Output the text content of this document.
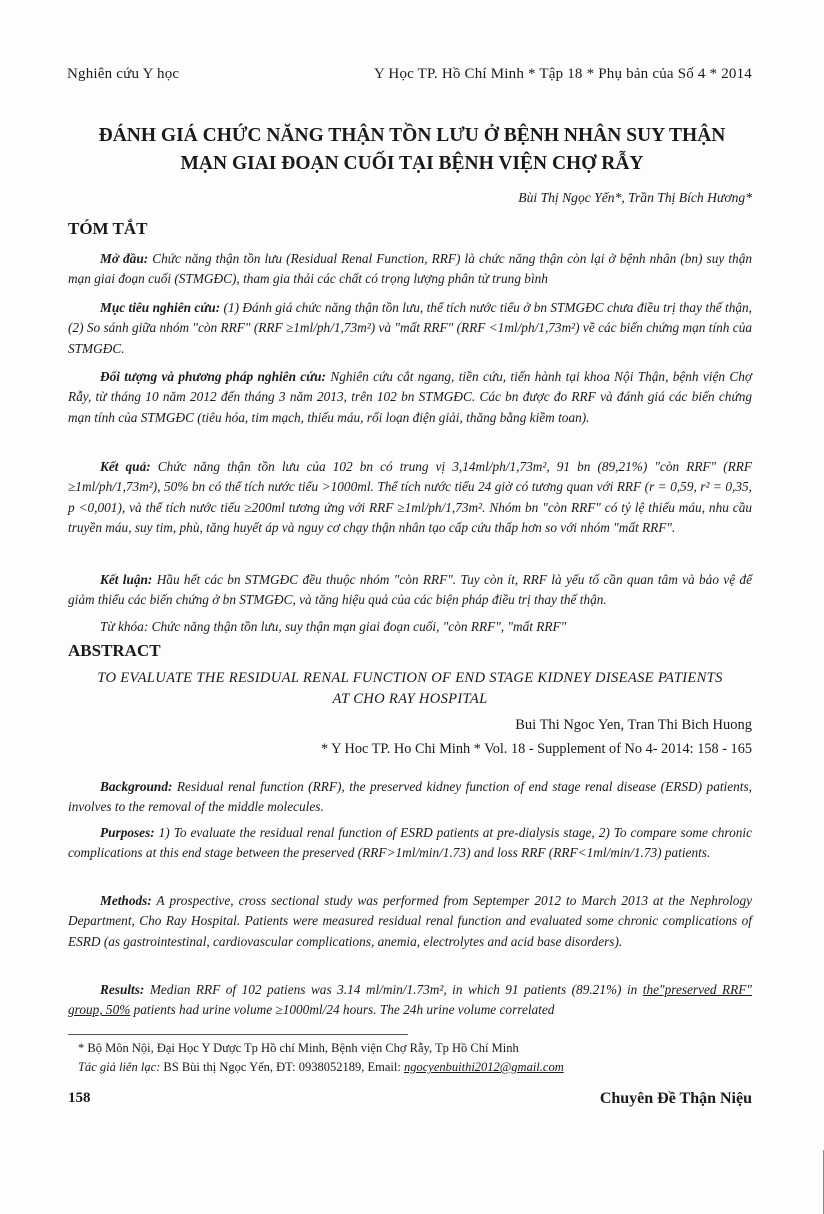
Nghiên cứu Y học	Y Học TP. Hồ Chí Minh * Tập 18 * Phụ bản của Số 4 * 2014
ĐÁNH GIÁ CHỨC NĂNG THẬN TỒN LƯU Ở BỆNH NHÂN SUY THẬN
MẠN GIAI ĐOẠN CUỐI TẠI BỆNH VIỆN CHỢ RẪY
Bùi Thị Ngọc Yến*, Trần Thị Bích Hương*
TÓM TẮT

Mở đầu: Chức năng thận tồn lưu (Residual Renal Function, RRF) là chức năng thận còn lại ở bệnh nhân (bn) suy thận mạn giai đoạn cuối (STMGĐC), tham gia thải các chất có trọng lượng phân tử trung bình

Mục tiêu nghiên cứu: (1) Đánh giá chức năng thận tồn lưu, thể tích nước tiểu ở bn STMGĐC chưa điều trị thay thế thận, (2) So sánh giữa nhóm "còn RRF" (RRF ≥1ml/ph/1,73m²) và "mất RRF" (RRF <1ml/ph/1,73m²) về các biến chứng mạn tính của STMGĐC.

Đối tượng và phương pháp nghiên cứu: Nghiên cứu cắt ngang, tiền cứu, tiến hành tại khoa Nội Thận, bệnh viện Chợ Rẫy, từ tháng 10 năm 2012 đến tháng 3 năm 2013, trên 102 bn STMGĐC. Các bn được đo RRF và đánh giá các biến chứng mạn tính của STMGĐC (tiêu hóa, tim mạch, thiếu máu, rối loạn điện giải, thăng bằng kiềm toan).

Kết quả: Chức năng thận tồn lưu của 102 bn có trung vị 3,14ml/ph/1,73m², 91 bn (89,21%) "còn RRF" (RRF ≥1ml/ph/1,73m²), 50% bn có thể tích nước tiểu >1000ml. Thể tích nước tiểu 24 giờ có tương quan với RRF (r = 0,59, r² = 0,35, p <0,001), và thể tích nước tiểu ≥200ml tương ứng với RRF ≥1ml/ph/1,73m². Nhóm bn "còn RRF" có tỷ lệ thiếu máu, nhu cầu truyền máu, suy tim, phù, tăng huyết áp và nguy cơ chạy thận nhân tạo cấp cứu thấp hơn so với nhóm "mất RRF".

Kết luận: Hầu hết các bn STMGĐC đều thuộc nhóm "còn RRF". Tuy còn ít, RRF là yếu tố cần quan tâm và bảo vệ để giảm thiểu các biến chứng ở bn STMGĐC, và tăng hiệu quả của các biện pháp điều trị thay thế thận.

Từ khóa: Chức năng thận tồn lưu, suy thận mạn giai đoạn cuối, "còn RRF", "mất RRF"

ABSTRACT
TO EVALUATE THE RESIDUAL RENAL FUNCTION OF END STAGE KIDNEY DISEASE PATIENTS
AT CHO RAY HOSPITAL
Bui Thi Ngoc Yen, Tran Thi Bich Huong
* Y Hoc TP. Ho Chi Minh * Vol. 18 - Supplement of No 4- 2014: 158 - 165

Background: Residual renal function (RRF), the preserved kidney function of end stage renal disease (ERSD) patients, involves to the removal of the middle molecules.

Purposes: 1) To evaluate the residual renal function of ESRD patients at pre-dialysis stage, 2) To compare some chronic complications at this end stage between the preserved (RRF>1ml/min/1.73) and loss RRF (RRF<1ml/min/1.73) patients.

Methods: A prospective, cross sectional study was performed from Septemper 2012 to March 2013 at the Nephrology Department, Cho Ray Hospital. Patients were measured residual renal function and evaluated some chronic complications of ESRD (as gastrointestinal, cardiovascular complications, anemia, electrolytes and acid base disorders).

Results: Median RRF of 102 patiens was 3.14 ml/min/1.73m², in which 91 patients (89.21%) in the"preserved RRF" group, 50% patients had urine volume ≥1000ml/24 hours. The 24h urine volume correlated

* Bộ Môn Nội, Đại Học Y Dược Tp Hồ chí Minh, Bệnh viện Chợ Rẫy, Tp Hồ Chí Minh
Tác giả liên lạc: BS Bùi thị Ngọc Yến, ĐT: 0938052189, Email: ngocyenbuithi2012@gmail.com
158	Chuyên Đề Thận Niệu
